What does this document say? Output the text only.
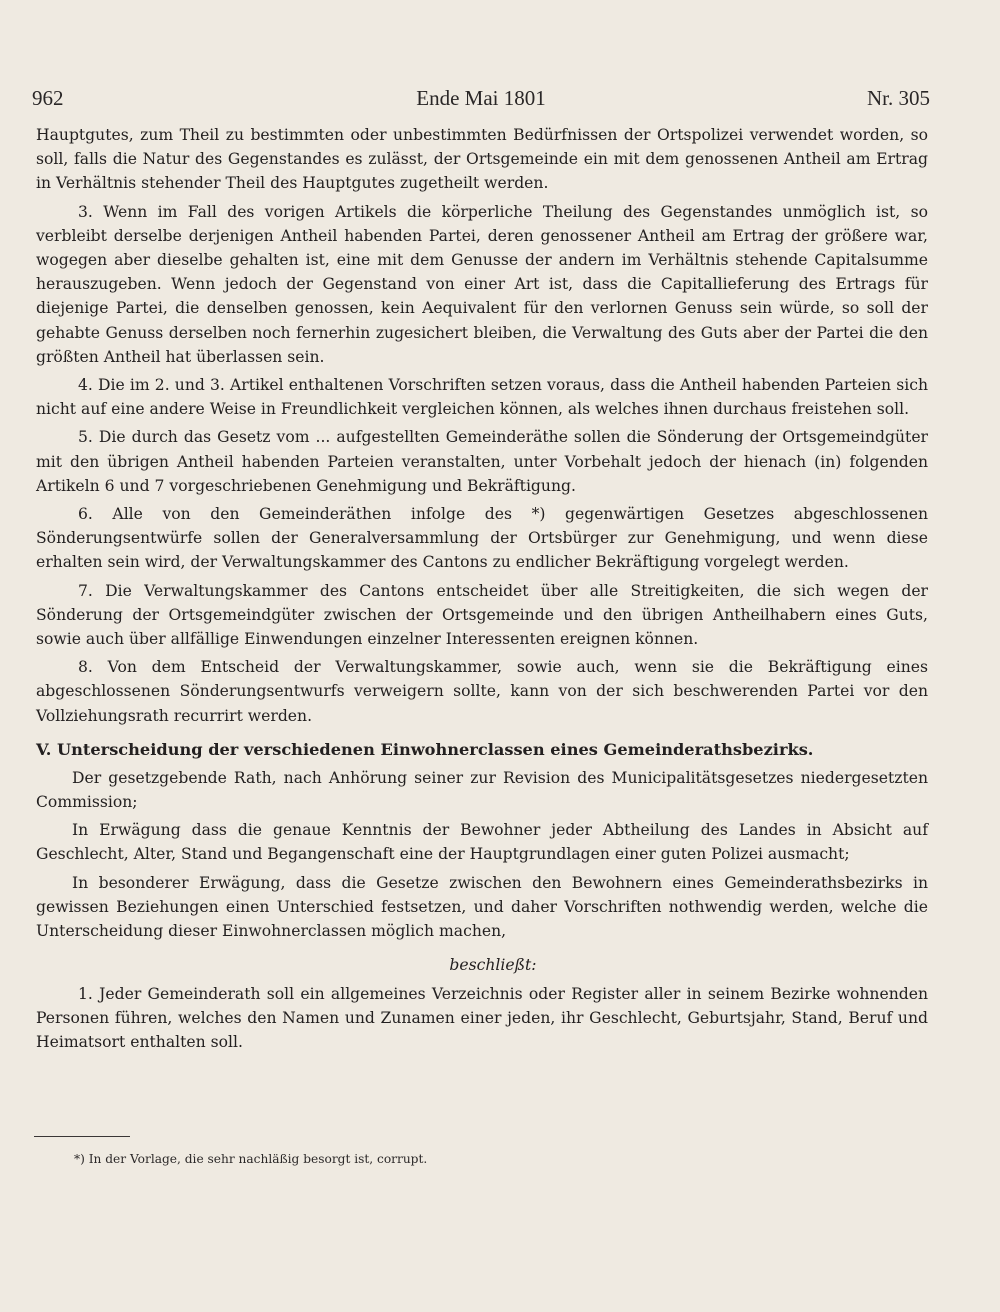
962	Ende Mai 1801	Nr. 305

Hauptgutes, zum Theil zu bestimmten oder unbestimmten Bedürfnissen der Ortspolizei verwendet worden, so soll, falls die Natur des Gegenstandes es zulässt, der Ortsgemeinde ein mit dem genossenen Antheil am Ertrag in Verhältnis stehender Theil des Hauptgutes zugetheilt werden.

3. Wenn im Fall des vorigen Artikels die körperliche Theilung des Gegenstandes unmöglich ist, so verbleibt derselbe derjenigen Antheil habenden Partei, deren genossener Antheil am Ertrag der größere war, wogegen aber dieselbe gehalten ist, eine mit dem Genusse der andern im Verhältnis stehende Capitalsumme herauszugeben. Wenn jedoch der Gegenstand von einer Art ist, dass die Capitallieferung des Ertrags für diejenige Partei, die denselben genossen, kein Aequivalent für den verlornen Genuss sein würde, so soll der gehabte Genuss derselben noch fernerhin zugesichert bleiben, die Verwaltung des Guts aber der Partei die den größten Antheil hat überlassen sein.

4. Die im 2. und 3. Artikel enthaltenen Vorschriften setzen voraus, dass die Antheil habenden Parteien sich nicht auf eine andere Weise in Freundlichkeit vergleichen können, als welches ihnen durchaus freistehen soll.

5. Die durch das Gesetz vom ... aufgestellten Gemeinderäthe sollen die Sönderung der Ortsgemeindgüter mit den übrigen Antheil habenden Parteien veranstalten, unter Vorbehalt jedoch der hienach (in) folgenden Artikeln 6 und 7 vorgeschriebenen Genehmigung und Bekräftigung.

6. Alle von den Gemeinderäthen infolge des *) gegenwärtigen Gesetzes abgeschlossenen Sönderungsentwürfe sollen der Generalversammlung der Ortsbürger zur Genehmigung, und wenn diese erhalten sein wird, der Verwaltungskammer des Cantons zu endlicher Bekräftigung vorgelegt werden.

7. Die Verwaltungskammer des Cantons entscheidet über alle Streitigkeiten, die sich wegen der Sönderung der Ortsgemeindgüter zwischen der Ortsgemeinde und den übrigen Antheilhabern eines Guts, sowie auch über allfällige Einwendungen einzelner Interessenten ereignen können.

8. Von dem Entscheid der Verwaltungskammer, sowie auch, wenn sie die Bekräftigung eines abgeschlossenen Sönderungsentwurfs verweigern sollte, kann von der sich beschwerenden Partei vor den Vollziehungsrath recurrirt werden.

V. Unterscheidung der verschiedenen Einwohnerclassen eines Gemeinderathsbezirks.

Der gesetzgebende Rath, nach Anhörung seiner zur Revision des Municipalitätsgesetzes niedergesetzten Commission;

In Erwägung dass die genaue Kenntnis der Bewohner jeder Abtheilung des Landes in Absicht auf Geschlecht, Alter, Stand und Begangenschaft eine der Hauptgrundlagen einer guten Polizei ausmacht;

In besonderer Erwägung, dass die Gesetze zwischen den Bewohnern eines Gemeinderathsbezirks in gewissen Beziehungen einen Unterschied festsetzen, und daher Vorschriften nothwendig werden, welche die Unterscheidung dieser Einwohnerclassen möglich machen,

beschließt:

1. Jeder Gemeinderath soll ein allgemeines Verzeichnis oder Register aller in seinem Bezirke wohnenden Personen führen, welches den Namen und Zunamen einer jeden, ihr Geschlecht, Geburtsjahr, Stand, Beruf und Heimatsort enthalten soll.

*) In der Vorlage, die sehr nachläßig besorgt ist, corrupt.
